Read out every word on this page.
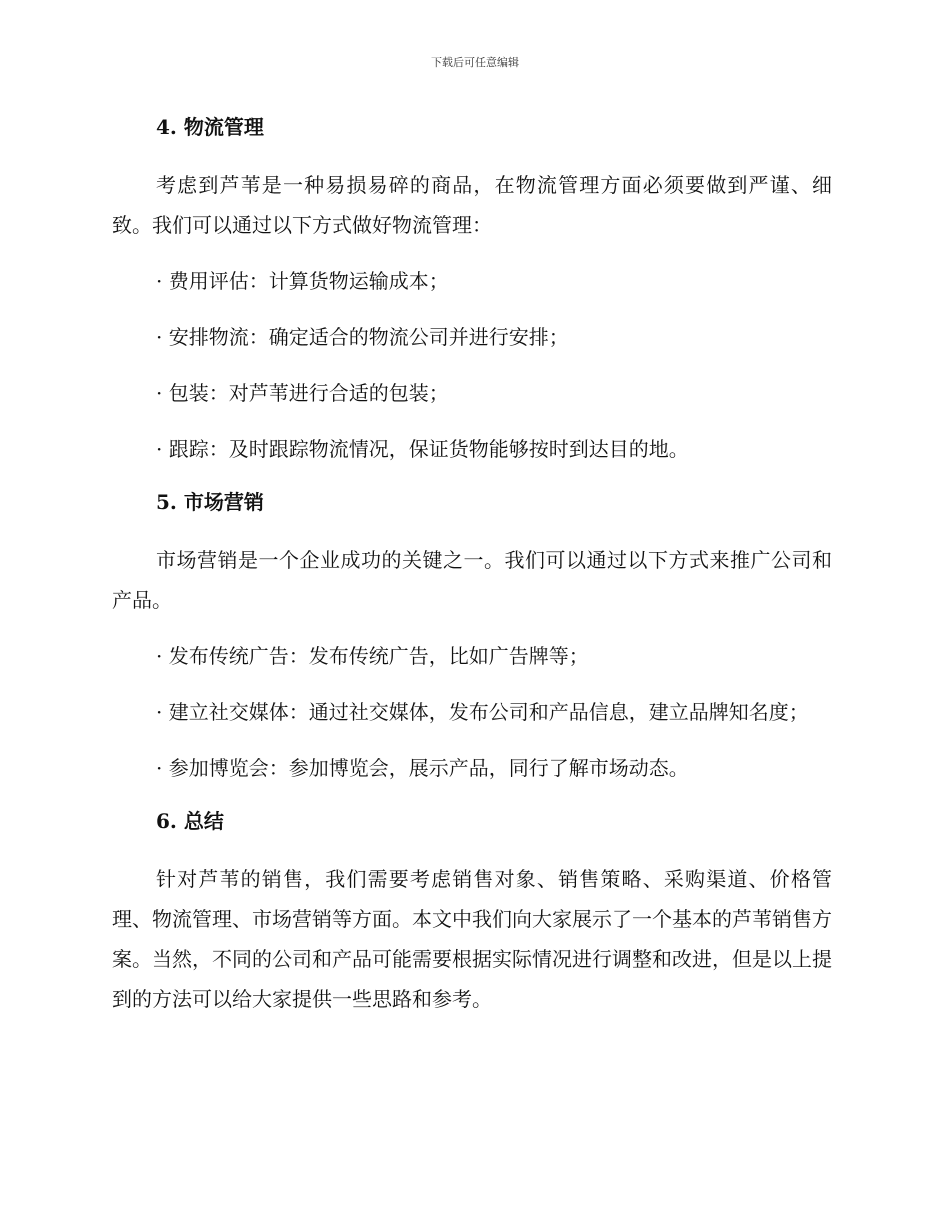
下载后可任意编辑
4. 物流管理

考虑到芦苇是一种易损易碎的商品，在物流管理方面必须要做到严谨、细致。我们可以通过以下方式做好物流管理：

· 费用评估：计算货物运输成本；

· 安排物流：确定适合的物流公司并进行安排；

· 包装：对芦苇进行合适的包装；

· 跟踪：及时跟踪物流情况，保证货物能够按时到达目的地。

5. 市场营销

市场营销是一个企业成功的关键之一。我们可以通过以下方式来推广公司和产品。

· 发布传统广告：发布传统广告，比如广告牌等；

· 建立社交媒体：通过社交媒体，发布公司和产品信息，建立品牌知名度；

· 参加博览会：参加博览会，展示产品，同行了解市场动态。

6. 总结

针对芦苇的销售，我们需要考虑销售对象、销售策略、采购渠道、价格管理、物流管理、市场营销等方面。本文中我们向大家展示了一个基本的芦苇销售方案。当然，不同的公司和产品可能需要根据实际情况进行调整和改进，但是以上提到的方法可以给大家提供一些思路和参考。
